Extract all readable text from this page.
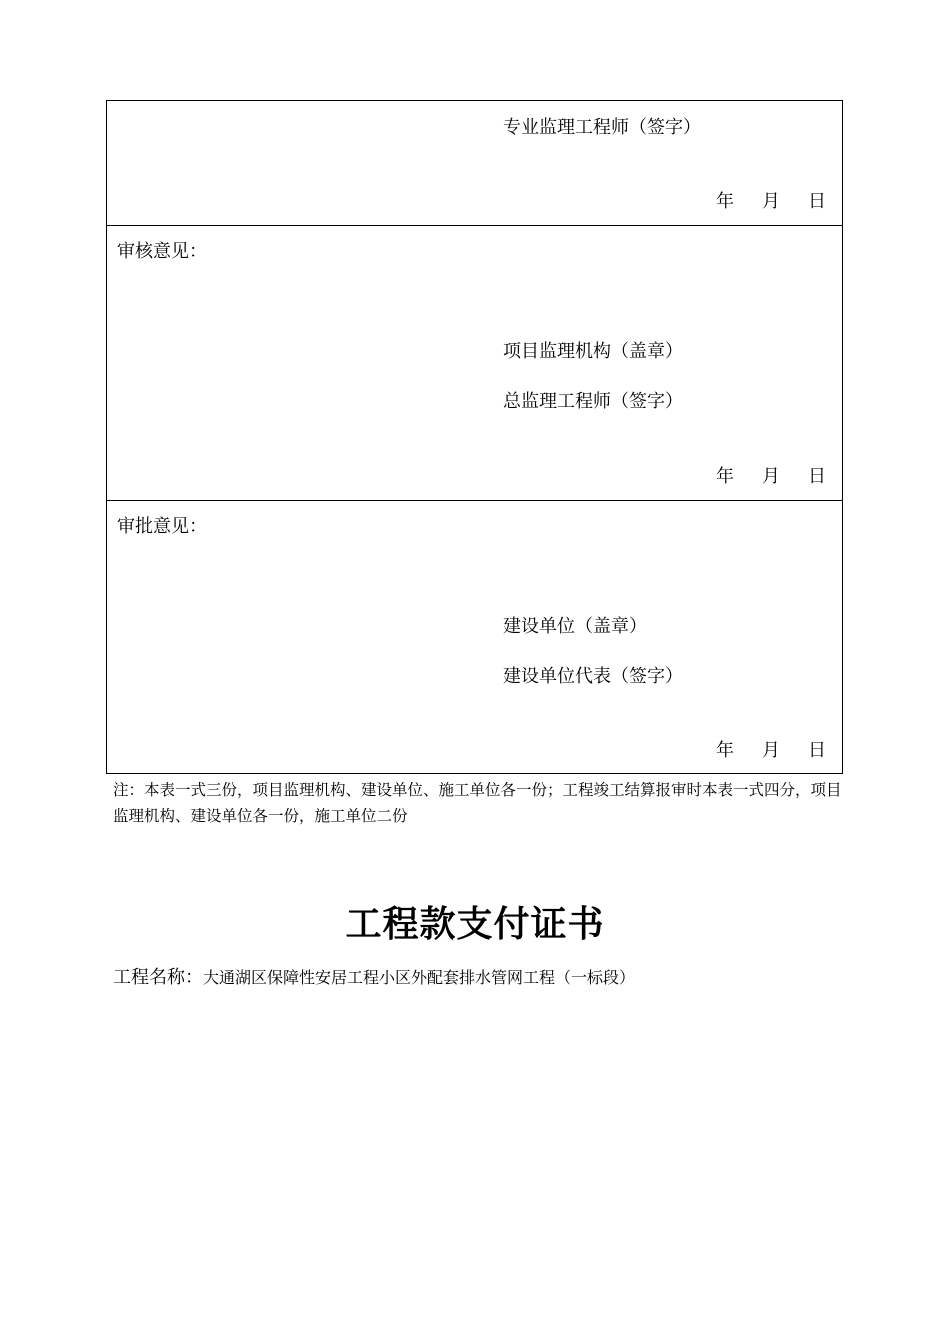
专业监理工程师（签字）
年 月 日
审核意见：
项目监理机构（盖章）
总监理工程师（签字）
年 月 日
审批意见：
建设单位（盖章）
建设单位代表（签字）
年 月 日
注：本表一式三份，项目监理机构、建设单位、施工单位各一份；工程竣工结算报审时本表一式四分，项目监理机构、建设单位各一份，施工单位二份
工程款支付证书
工程名称：大通湖区保障性安居工程小区外配套排水管网工程（一标段）
